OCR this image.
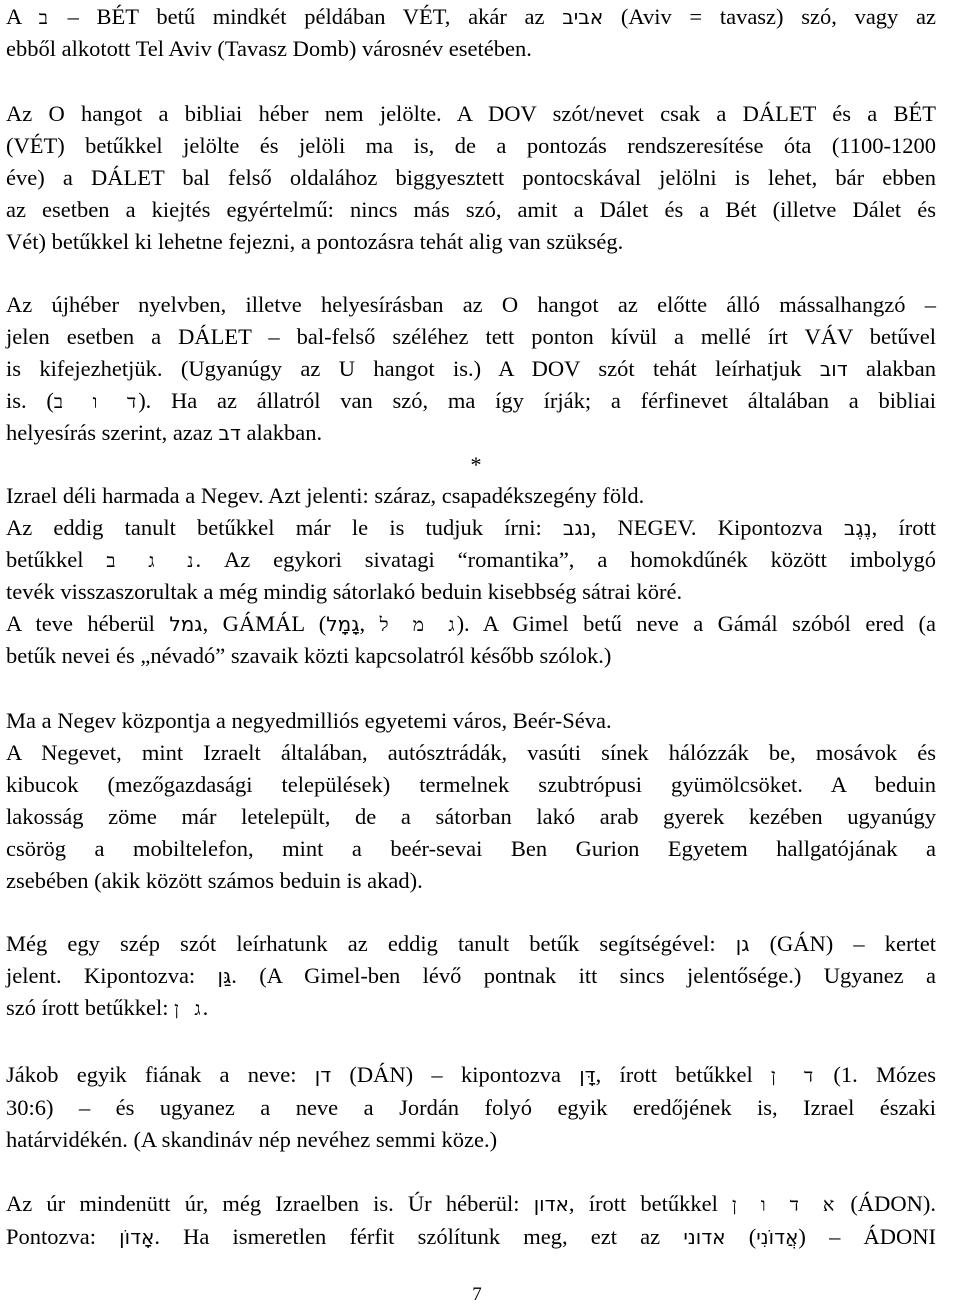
A ב – BÉT betű mindkét példában VÉT, akár az אביב (Aviv = tavasz) szó, vagy az
ebből alkotott Tel Aviv (Tavasz Domb) városnév esetében.
Az O hangot a bibliai héber nem jelölte. A DOV szót/nevet csak a DÁLET és a BÉT
(VÉT) betűkkel jelölte és jelöli ma is, de a pontozás rendszeresítése óta (1100-1200
éve) a DÁLET bal felső oldalához biggyesztett pontocskával jelölni is lehet, bár ebben
az esetben a kiejtés egyértelmű: nincs más szó, amit a Dálet és a Bét (illetve Dálet és
Vét) betűkkel ki lehetne fejezni, a pontozásra tehát alig van szükség.
Az újhéber nyelvben, illetve helyesírásban az O hangot az előtte álló mássalhangzó –
jelen esetben a DÁLET – bal-felső széléhez tett ponton kívül a mellé írt VÁV betűvel
is kifejezhetjük. (Ugyanúgy az U hangot is.) A DOV szót tehát leírhatjuk דוב alakban
is. (ד ו ב). Ha az állatról van szó, ma így írják; a férfinevet általában a bibliai
helyesírás szerint, azaz דב alakban.
*
Izrael déli harmada a Negev. Azt jelenti: száraz, csapadékszegény föld.
Az eddig tanult betűkkel már le is tudjuk írni: נגב, NEGEV. Kipontozva נֶגֶב, írott
betűkkel נ ג ב. Az egykori sivatagi “romantika”, a homokdűnék között imbolygó
tevék visszaszorultak a még mindig sátorlakó beduin kisebbség sátrai köré.
A teve héberül גמל, GÁMÁL (גָמָל, ג מ ל). A Gimel betű neve a Gámál szóból ered (a
betűk nevei és „névadó” szavaik közti kapcsolatról később szólok.)
Ma a Negev központja a negyedmilliós egyetemi város, Beér-Séva.
A Negevet, mint Izraelt általában, autósztrádák, vasúti sínek hálózzák be, mosávok és
kibucok (mezőgazdasági települések) termelnek szubtrópusi gyümölcsöket. A beduin
lakosság zöme már letelepült, de a sátorban lakó arab gyerek kezében ugyanúgy
csörög a mobiltelefon, mint a beér-sevai Ben Gurion Egyetem hallgatójának a
zsebében (akik között számos beduin is akad).
Még egy szép szót leírhatunk az eddig tanult betűk segítségével: גן (GÁN) – kertet
jelent. Kipontozva: גַּן. (A Gimel-ben lévő pontnak itt sincs jelentősége.) Ugyanez a
szó írott betűkkel: ג ן.
Jákob egyik fiának a neve: דן (DÁN) – kipontozva דָּן, írott betűkkel ד ן (1. Mózes
30:6) – és ugyanez a neve a Jordán folyó egyik eredőjének is, Izrael északi
határvidékén. (A skandináv nép nevéhez semmi köze.)
Az úr mindenütt úr, még Izraelben is. Úr héberül: אדון, írott betűkkel א ד ו ן (ÁDON).
Pontozva: אָדוֹן. Ha ismeretlen férfit szólítunk meg, ezt az אדוני (אֲדוֹנִי) – ÁDONI
7
